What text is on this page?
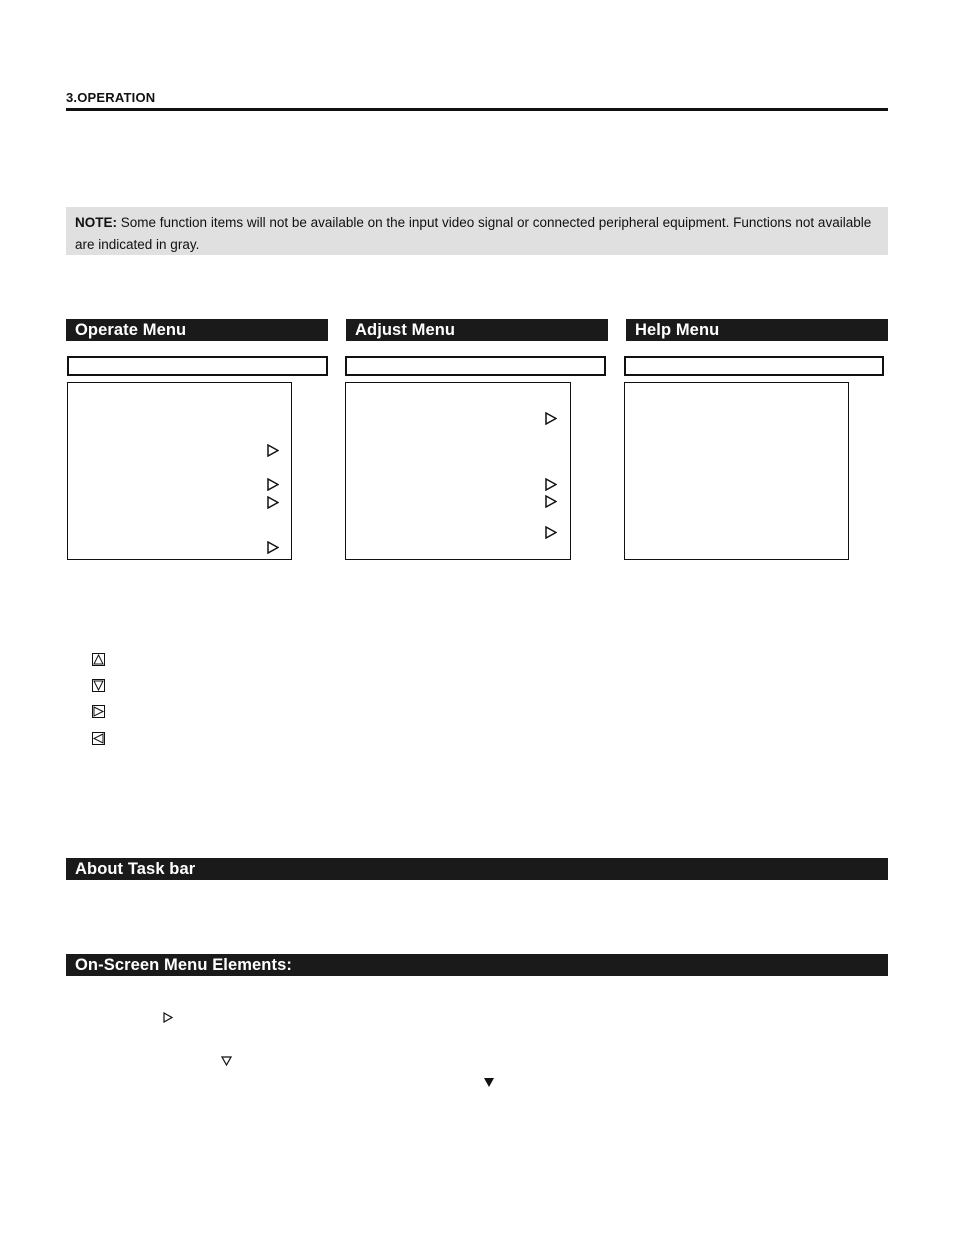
3.OPERATION
NOTE: Some function items will not be available on the input video signal or connected peripheral equipment. Functions not available are indicated in gray.
Operate Menu	Adjust Menu	Help Menu
About Task bar
On-Screen Menu Elements:
